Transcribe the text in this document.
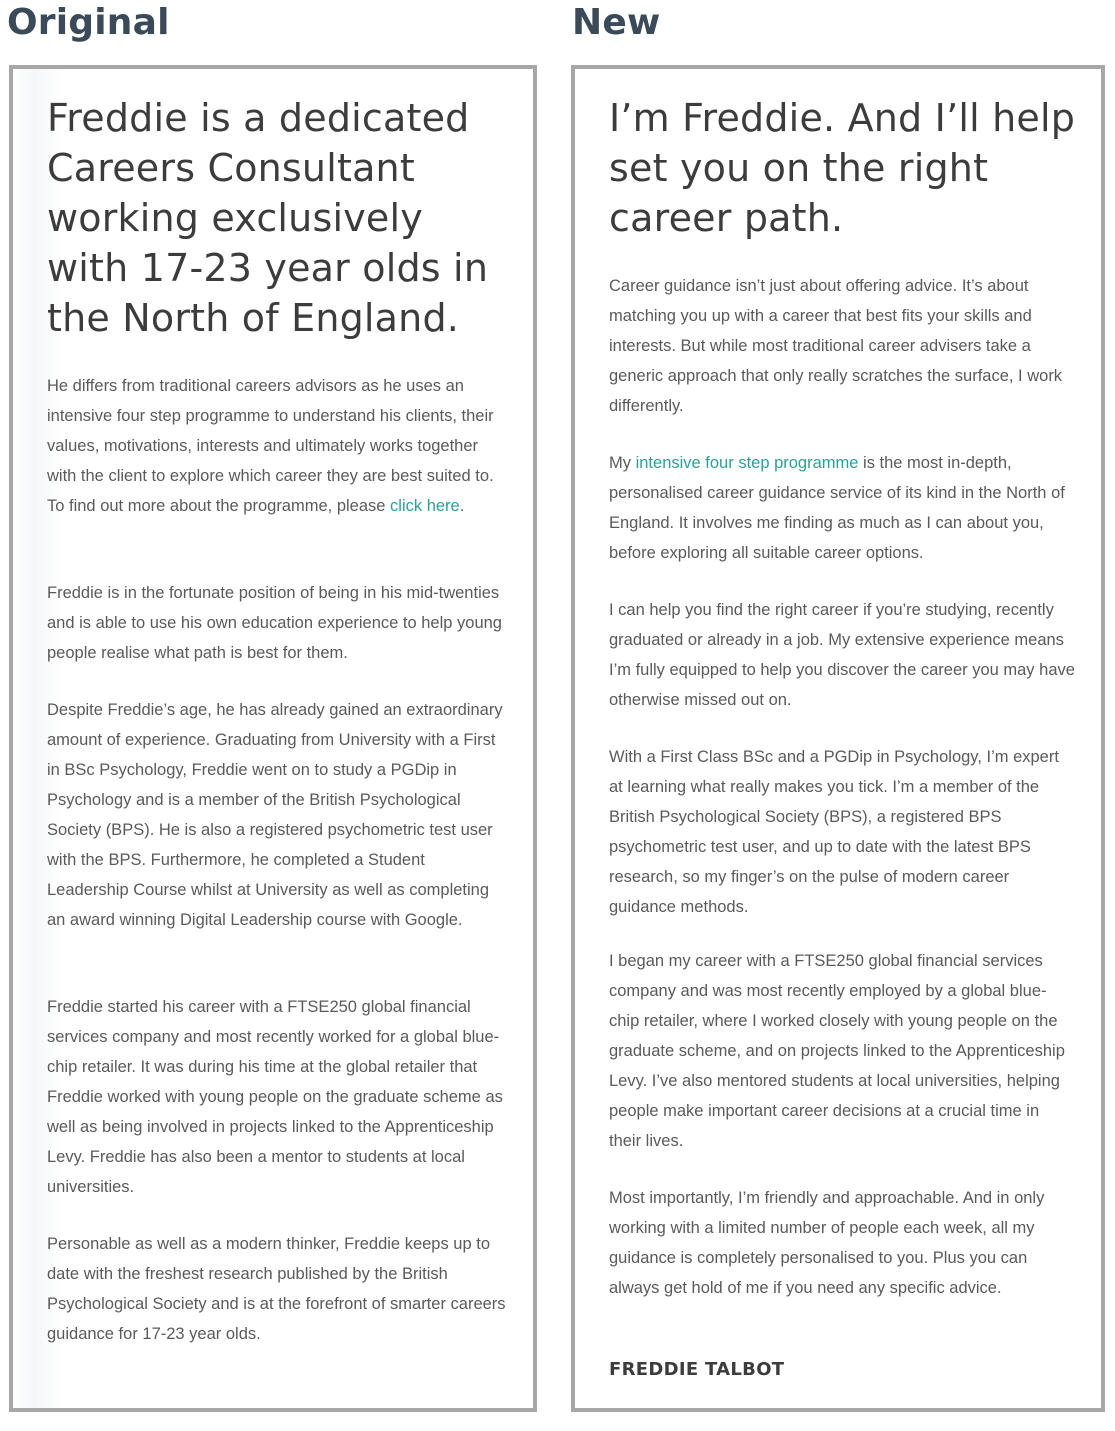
Original	New
Freddie is a dedicated Careers Consultant working exclusively with 17-23 year olds in the North of England.

He differs from traditional careers advisors as he uses an intensive four step programme to understand his clients, their values, motivations, interests and ultimately works together with the client to explore which career they are best suited to. To find out more about the programme, please click here.

Freddie is in the fortunate position of being in his mid-twenties and is able to use his own education experience to help young people realise what path is best for them.

Despite Freddie’s age, he has already gained an extraordinary amount of experience. Graduating from University with a First in BSc Psychology, Freddie went on to study a PGDip in Psychology and is a member of the British Psychological Society (BPS). He is also a registered psychometric test user with the BPS. Furthermore, he completed a Student Leadership Course whilst at University as well as completing an award winning Digital Leadership course with Google.

Freddie started his career with a FTSE250 global financial services company and most recently worked for a global blue-chip retailer. It was during his time at the global retailer that Freddie worked with young people on the graduate scheme as well as being involved in projects linked to the Apprenticeship Levy. Freddie has also been a mentor to students at local universities.

Personable as well as a modern thinker, Freddie keeps up to date with the freshest research published by the British Psychological Society and is at the forefront of smarter careers guidance for 17-23 year olds.

I’m Freddie. And I’ll help set you on the right career path.

Career guidance isn’t just about offering advice. It’s about matching you up with a career that best fits your skills and interests. But while most traditional career advisers take a generic approach that only really scratches the surface, I work differently.

My intensive four step programme is the most in-depth, personalised career guidance service of its kind in the North of England. It involves me finding as much as I can about you, before exploring all suitable career options.

I can help you find the right career if you’re studying, recently graduated or already in a job. My extensive experience means I’m fully equipped to help you discover the career you may have otherwise missed out on.

With a First Class BSc and a PGDip in Psychology, I’m expert at learning what really makes you tick. I’m a member of the British Psychological Society (BPS), a registered BPS psychometric test user, and up to date with the latest BPS research, so my finger’s on the pulse of modern career guidance methods.

I began my career with a FTSE250 global financial services company and was most recently employed by a global blue-chip retailer, where I worked closely with young people on the graduate scheme, and on projects linked to the Apprenticeship Levy. I’ve also mentored students at local universities, helping people make important career decisions at a crucial time in their lives.

Most importantly, I’m friendly and approachable. And in only working with a limited number of people each week, all my guidance is completely personalised to you. Plus you can always get hold of me if you need any specific advice.

FREDDIE TALBOT
